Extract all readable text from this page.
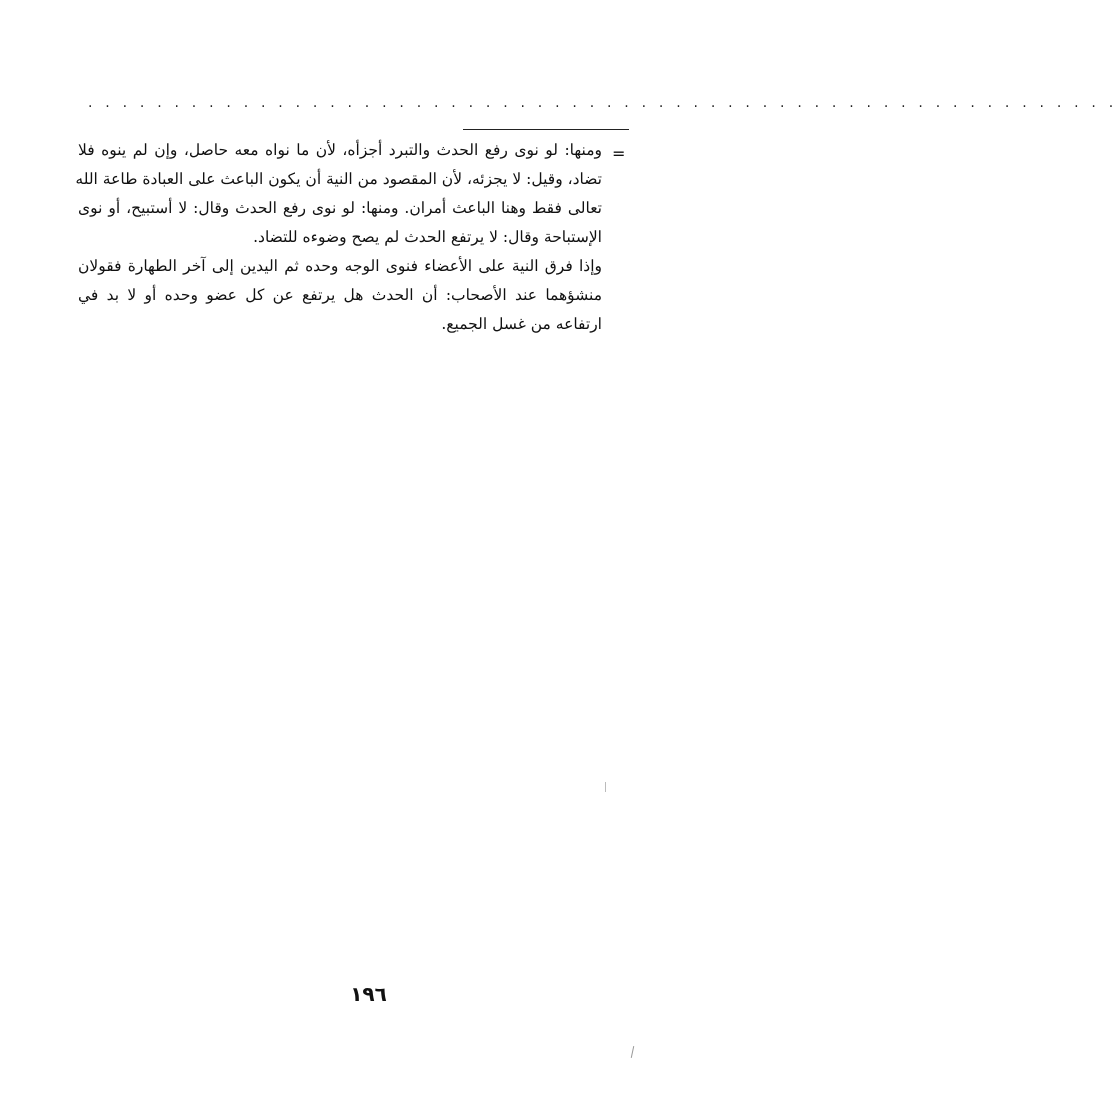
. . . . . . . . . . . . . . . . . . . . . . . . . . . . . . . . . . . . . . . . . . . . . . . . . . . . . . . . . . . .
=
ومنها: لو نوى رفع الحدث والتبرد أجزأه، لأن ما نواه معه حاصل، وإن لم ينوه فلا
تضاد، وقيل: لا يجزئه، لأن المقصود من النية أن يكون الباعث على العبادة طاعة الله
تعالى فقط وهنا الباعث أمران. ومنها: لو نوى رفع الحدث وقال: لا أستبيح، أو نوى
الإستباحة وقال: لا يرتفع الحدث لم يصح وضوءه للتضاد.
وإذا فرق النية على الأعضاء فنوى الوجه وحده ثم اليدين إلى آخر الطهارة فقولان
منشؤهما عند الأصحاب: أن الحدث هل يرتفع عن كل عضو وحده أو لا بد في
ارتفاعه من غسل الجميع.
١٩٦
